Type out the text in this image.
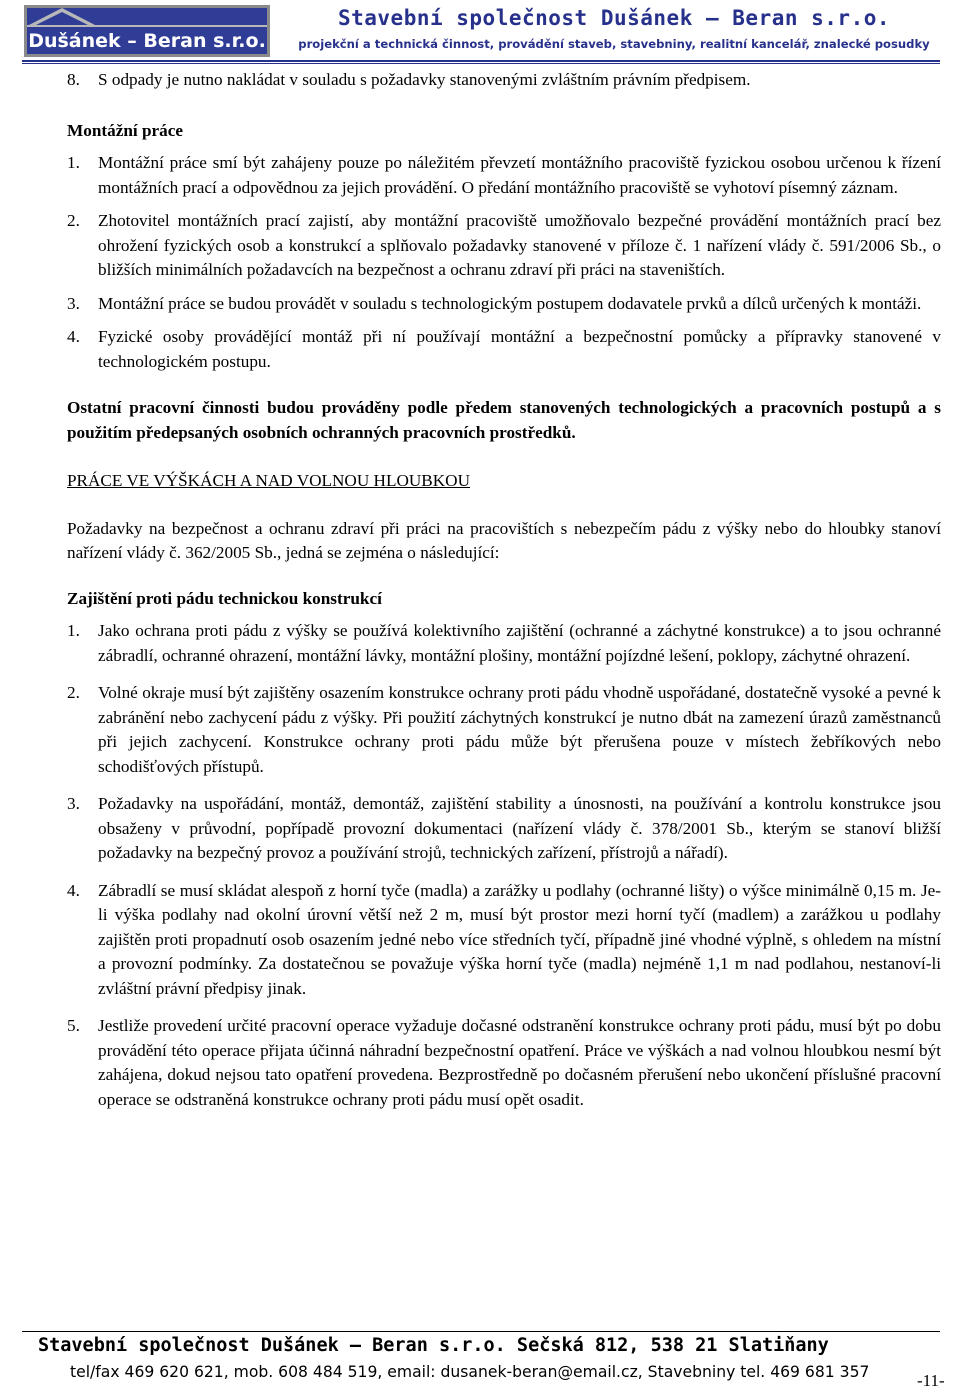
Dušánek – Beran s.r.o.
Stavební společnost Dušánek – Beran s.r.o.
projekční a technická činnost, provádění staveb, stavebniny, realitní kancelář, znalecké posudky
8.	S odpady je nutno nakládat v souladu s požadavky stanovenými zvláštním právním předpisem.

Montážní práce

1.	Montážní práce smí být zahájeny pouze po náležitém převzetí montážního pracoviště fyzickou osobou určenou k řízení montážních prací a odpovědnou za jejich provádění. O předání montážního pracoviště se vyhotoví písemný záznam.
2.	Zhotovitel montážních prací zajistí, aby montážní pracoviště umožňovalo bezpečné provádění montážních prací bez ohrožení fyzických osob a konstrukcí a splňovalo požadavky stanovené v příloze č. 1 nařízení vlády č. 591/2006 Sb., o bližších minimálních požadavcích na bezpečnost a ochranu zdraví při práci na staveništích.
3.	Montážní práce se budou provádět v souladu s technologickým postupem dodavatele prvků a dílců určených k montáži.
4.	Fyzické osoby provádějící montáž při ní používají montážní a bezpečnostní pomůcky a přípravky stanovené v technologickém postupu.

Ostatní pracovní činnosti budou prováděny podle předem stanovených technologických a pracovních postupů a s použitím předepsaných osobních ochranných pracovních prostředků.

PRÁCE VE VÝŠKÁCH A NAD VOLNOU HLOUBKOU

Požadavky na bezpečnost a ochranu zdraví při práci na pracovištích s nebezpečím pádu z výšky nebo do hloubky stanoví nařízení vlády č. 362/2005 Sb., jedná se zejména o následující:

Zajištění proti pádu technickou konstrukcí

1.	Jako ochrana proti pádu z výšky se používá kolektivního zajištění (ochranné a záchytné konstrukce) a to jsou ochranné zábradlí, ochranné ohrazení, montážní lávky, montážní plošiny, montážní pojízdné lešení, poklopy, záchytné ohrazení.
2.	Volné okraje musí být zajištěny osazením konstrukce ochrany proti pádu vhodně uspořádané, dostatečně vysoké a pevné k zabránění nebo zachycení pádu z výšky. Při použití záchytných konstrukcí je nutno dbát na zamezení úrazů zaměstnanců při jejich zachycení. Konstrukce ochrany proti pádu může být přerušena pouze v místech žebříkových nebo schodišťových přístupů.
3.	Požadavky na uspořádání, montáž, demontáž, zajištění stability a únosnosti, na používání a kontrolu konstrukce jsou obsaženy v průvodní, popřípadě provozní dokumentaci (nařízení vlády č. 378/2001 Sb., kterým se stanoví bližší požadavky na bezpečný provoz a používání strojů, technických zařízení, přístrojů a nářadí).
4.	Zábradlí se musí skládat alespoň z horní tyče (madla) a zarážky u podlahy (ochranné lišty) o výšce minimálně 0,15 m. Je-li výška podlahy nad okolní úrovní větší než 2 m, musí být prostor mezi horní tyčí (madlem) a zarážkou u podlahy zajištěn proti propadnutí osob osazením jedné nebo více středních tyčí, případně jiné vhodné výplně, s ohledem na místní a provozní podmínky. Za dostatečnou se považuje výška horní tyče (madla) nejméně 1,1 m nad podlahou, nestanoví-li zvláštní právní předpisy jinak.
5.	Jestliže provedení určité pracovní operace vyžaduje dočasné odstranění konstrukce ochrany proti pádu, musí být po dobu provádění této operace přijata účinná náhradní bezpečnostní opatření. Práce ve výškách a nad volnou hloubkou nesmí být zahájena, dokud nejsou tato opatření provedena. Bezprostředně po dočasném přerušení nebo ukončení příslušné pracovní operace se odstraněná konstrukce ochrany proti pádu musí opět osadit.
Stavební společnost Dušánek – Beran s.r.o. Sečská 812, 538 21 Slatiňany
tel/fax 469 620 621, mob. 608 484 519, email: dusanek-beran@email.cz, Stavebniny tel. 469 681 357	-11-
